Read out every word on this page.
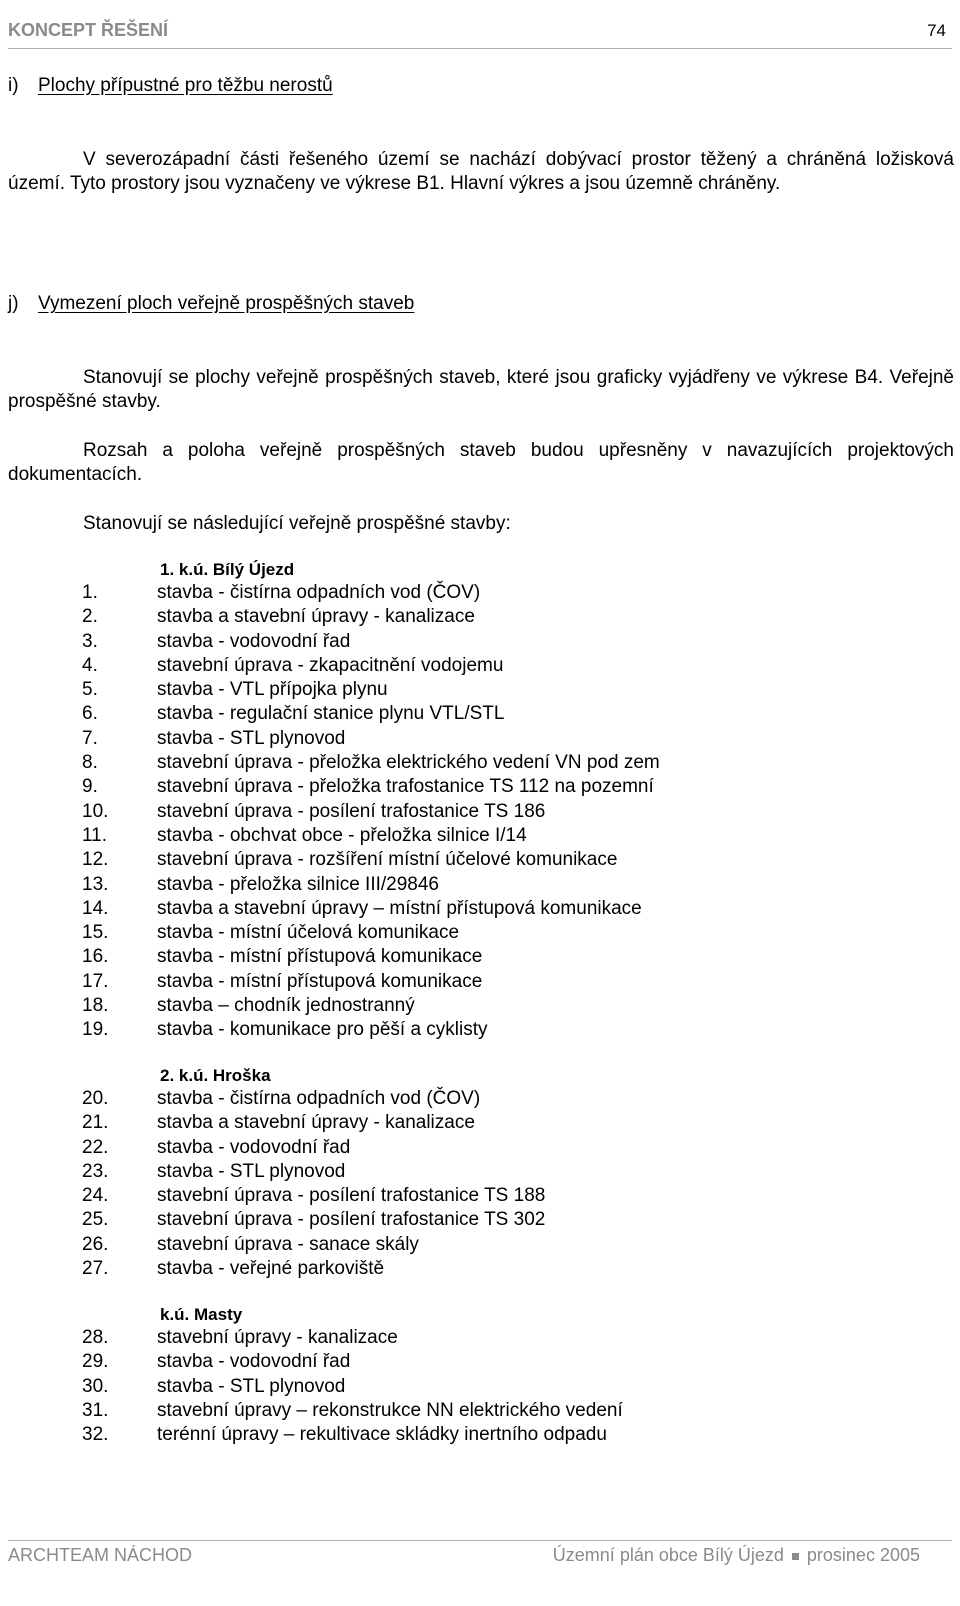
KONCEPT ŘEŠENÍ	74
i) Plochy přípustné pro těžbu nerostů
V severozápadní části řešeného území se nachází dobývací prostor těžený a chráněná ložisková území. Tyto prostory jsou vyznačeny ve výkrese B1. Hlavní výkres a jsou územně chráněny.
j) Vymezení ploch veřejně prospěšných staveb
Stanovují se plochy veřejně prospěšných staveb, které jsou graficky vyjádřeny ve výkrese B4. Veřejně prospěšné stavby.
Rozsah a poloha veřejně prospěšných staveb budou upřesněny v navazujících projektových dokumentacích.
Stanovují se následující veřejně prospěšné stavby:
1. k.ú. Bílý Újezd
1.	stavba - čistírna odpadních vod (ČOV)
2.	stavba a stavební úpravy - kanalizace
3.	stavba - vodovodní řad
4.	stavební úprava - zkapacitnění vodojemu
5.	stavba - VTL přípojka plynu
6.	stavba - regulační stanice plynu VTL/STL
7.	stavba - STL plynovod
8.	stavební úprava - přeložka elektrického vedení VN pod zem
9.	stavební úprava - přeložka trafostanice TS 112 na pozemní
10.	stavební úprava - posílení trafostanice TS 186
11.	stavba - obchvat obce - přeložka silnice I/14
12.	stavební úprava - rozšíření místní účelové komunikace
13.	stavba - přeložka silnice III/29846
14.	stavba a stavební úpravy – místní přístupová komunikace
15.	stavba - místní účelová komunikace
16.	stavba - místní přístupová komunikace
17.	stavba - místní přístupová komunikace
18.	stavba – chodník jednostranný
19.	stavba - komunikace pro pěší a cyklisty
2. k.ú. Hroška
20.	stavba - čistírna odpadních vod (ČOV)
21.	stavba a stavební úpravy - kanalizace
22.	stavba - vodovodní řad
23.	stavba - STL plynovod
24.	stavební úprava - posílení trafostanice TS 188
25.	stavební úprava - posílení trafostanice TS 302
26.	stavební úprava - sanace skály
27.	stavba - veřejné parkoviště
k.ú. Masty
28.	stavební úpravy - kanalizace
29.	stavba - vodovodní řad
30.	stavba - STL plynovod
31.	stavební úpravy – rekonstrukce NN elektrického vedení
32.	terénní úpravy – rekultivace skládky inertního odpadu
ARCHTEAM NÁCHOD	Územní plán obce Bílý Újezd prosinec 2005
